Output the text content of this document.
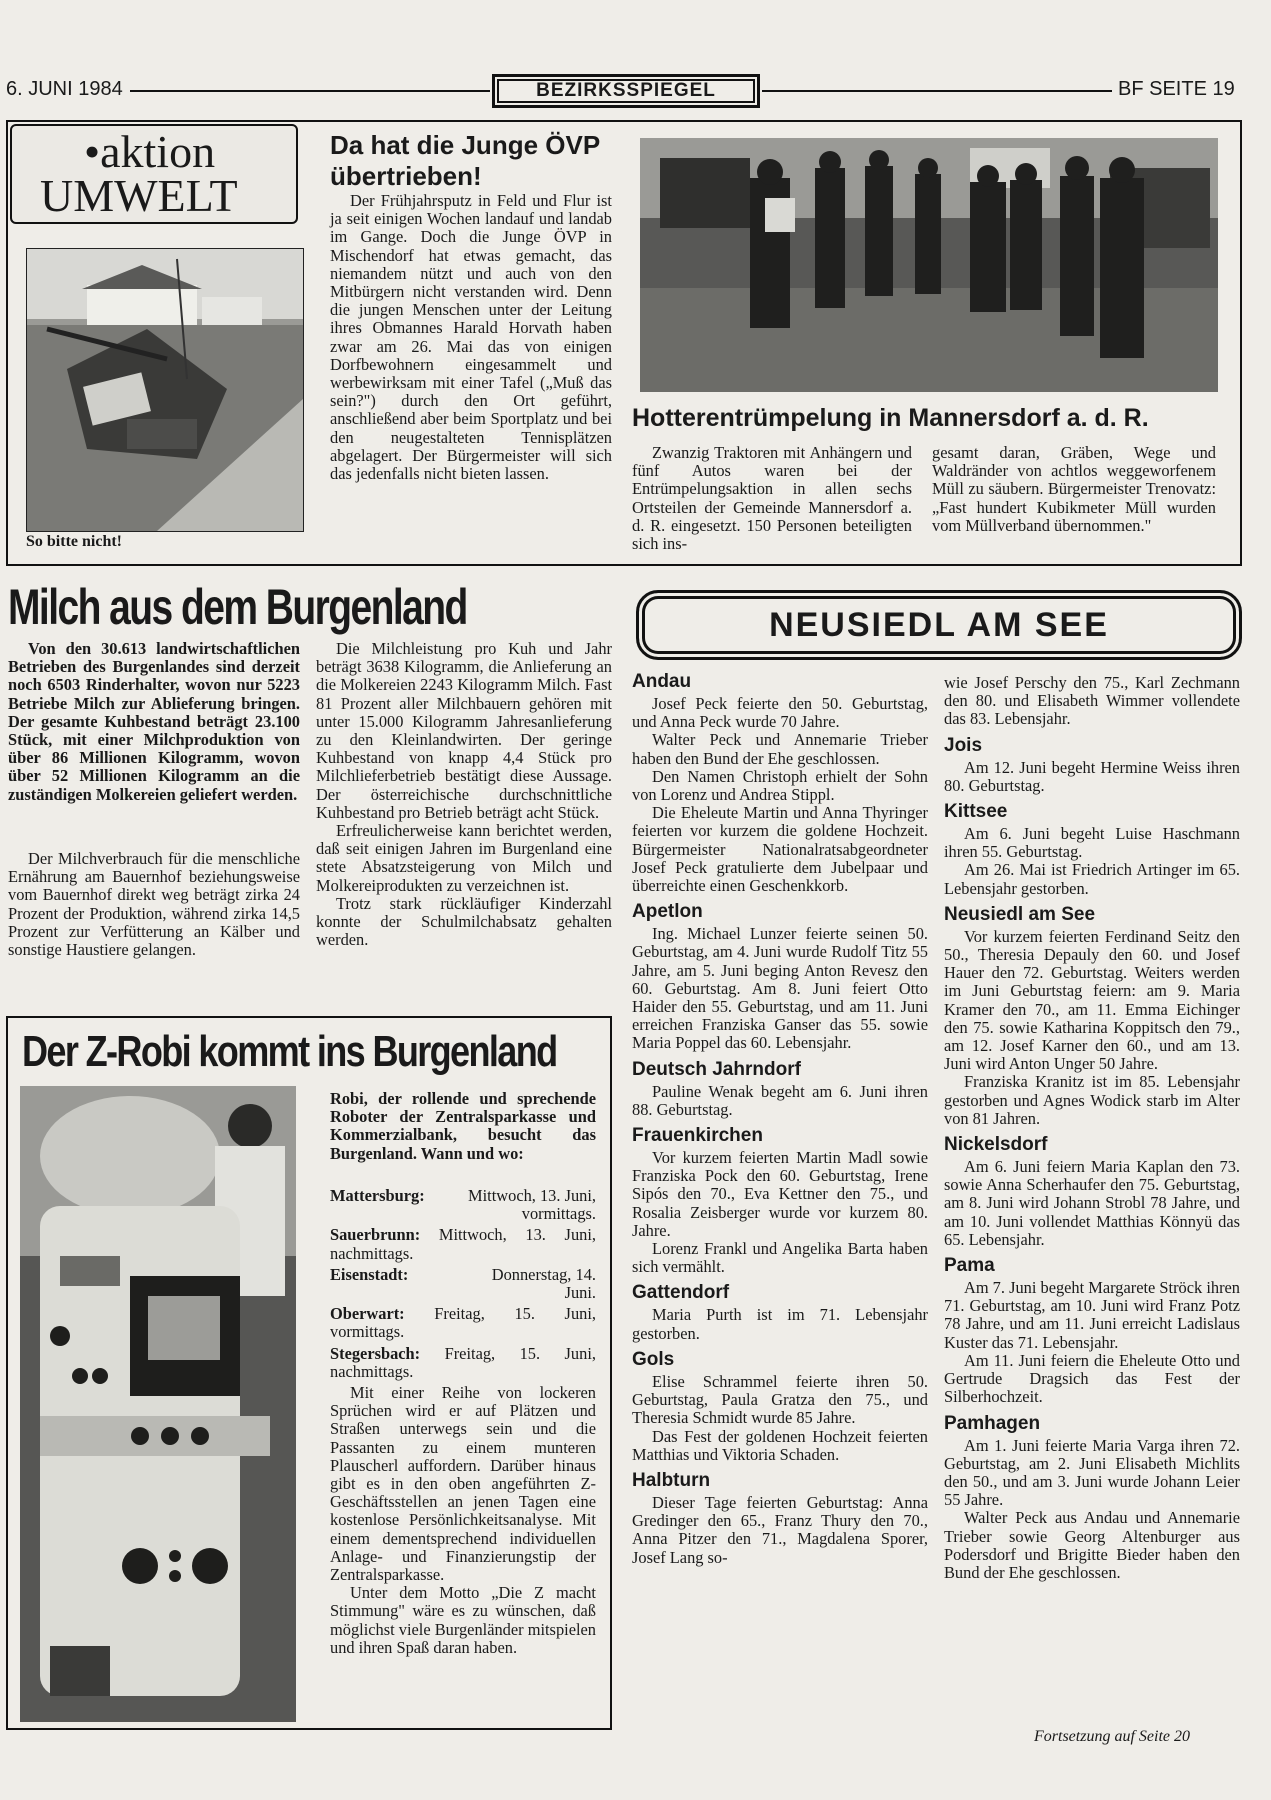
6. JUNI 1984	BEZIRKSSPIEGEL	BF SEITE 19
•aktion
UMWELT
So bitte nicht!
Da hat die Junge ÖVP übertrieben!

Der Frühjahrsputz in Feld und Flur ist ja seit einigen Wochen landauf und landab im Gange. Doch die Junge ÖVP in Mischendorf hat etwas gemacht, das niemandem nützt und auch von den Mitbürgern nicht verstanden wird. Denn die jungen Menschen unter der Leitung ihres Obmannes Harald Horvath haben zwar am 26. Mai das von einigen Dorfbewohnern eingesammelt und werbewirksam mit einer Tafel („Muß das sein?") durch den Ort geführt, anschließend aber beim Sportplatz und bei den neugestalteten Tennisplätzen abgelagert. Der Bürgermeister will sich das jedenfalls nicht bieten lassen.

Hotterentrümpelung in Mannersdorf a. d. R.

Zwanzig Traktoren mit Anhängern und fünf Autos waren bei der Entrümpelungsaktion in allen sechs Ortsteilen der Gemeinde Mannersdorf a. d. R. eingesetzt. 150 Personen beteiligten sich ins-

gesamt daran, Gräben, Wege und Waldränder von achtlos weggeworfenem Müll zu säubern. Bürgermeister Trenovatz: „Fast hundert Kubikmeter Müll wurden vom Müllverband übernommen."

Milch aus dem Burgenland

Von den 30.613 landwirtschaftlichen Betrieben des Burgenlandes sind derzeit noch 6503 Rinderhalter, wovon nur 5223 Betriebe Milch zur Ablieferung bringen. Der gesamte Kuhbestand beträgt 23.100 Stück, mit einer Milchproduktion von über 86 Millionen Kilogramm, wovon über 52 Millionen Kilogramm an die zuständigen Molkereien geliefert werden.

Der Milchverbrauch für die menschliche Ernährung am Bauernhof beziehungsweise vom Bauernhof direkt weg beträgt zirka 24 Prozent der Produktion, während zirka 14,5 Prozent zur Verfütterung an Kälber und sonstige Haustiere gelangen.

Die Milchleistung pro Kuh und Jahr beträgt 3638 Kilogramm, die Anlieferung an die Molkereien 2243 Kilogramm Milch. Fast 81 Prozent aller Milchbauern gehören mit unter 15.000 Kilogramm Jahresanlieferung zu den Kleinlandwirten. Der geringe Kuhbestand von knapp 4,4 Stück pro Milchlieferbetrieb bestätigt diese Aussage. Der österreichische durchschnittliche Kuhbestand pro Betrieb beträgt acht Stück.

Erfreulicherweise kann berichtet werden, daß seit einigen Jahren im Burgenland eine stete Absatzsteigerung von Milch und Molkereiprodukten zu verzeichnen ist.

Trotz stark rückläufiger Kinderzahl konnte der Schulmilchabsatz gehalten werden.

Der Z-Robi kommt ins Burgenland

Robi, der rollende und sprechende Roboter der Zentralsparkasse und Kommerzialbank, besucht das Burgenland. Wann und wo:

Mattersburg:	Mittwoch, 13. Juni, vormittags.
Sauerbrunn: Mittwoch, 13. Juni, nachmittags.
Eisenstadt:	Donnerstag, 14. Juni.
Oberwart: Freitag, 15. Juni, vormittags.
Stegersbach: Freitag, 15. Juni, nachmittags.

Mit einer Reihe von lockeren Sprüchen wird er auf Plätzen und Straßen unterwegs sein und die Passanten zu einem munteren Plauscherl auffordern. Darüber hinaus gibt es in den oben angeführten Z-Geschäftsstellen an jenen Tagen eine kostenlose Persönlichkeitsanalyse. Mit einem dementsprechend individuellen Anlage- und Finanzierungstip der Zentralsparkasse.

Unter dem Motto „Die Z macht Stimmung" wäre es zu wünschen, daß möglichst viele Burgenländer mitspielen und ihren Spaß daran haben.

NEUSIEDL AM SEE
Andau

Josef Peck feierte den 50. Geburtstag, und Anna Peck wurde 70 Jahre.

Walter Peck und Annemarie Trieber haben den Bund der Ehe geschlossen.

Den Namen Christoph erhielt der Sohn von Lorenz und Andrea Stippl.

Die Eheleute Martin und Anna Thyringer feierten vor kurzem die goldene Hochzeit. Bürgermeister Nationalratsabgeordneter Josef Peck gratulierte dem Jubelpaar und überreichte einen Geschenkkorb.

Apetlon

Ing. Michael Lunzer feierte seinen 50. Geburtstag, am 4. Juni wurde Rudolf Titz 55 Jahre, am 5. Juni beging Anton Revesz den 60. Geburtstag. Am 8. Juni feiert Otto Haider den 55. Geburtstag, und am 11. Juni erreichen Franziska Ganser das 55. sowie Maria Poppel das 60. Lebensjahr.

Deutsch Jahrndorf

Pauline Wenak begeht am 6. Juni ihren 88. Geburtstag.

Frauenkirchen

Vor kurzem feierten Martin Madl sowie Franziska Pock den 60. Geburtstag, Irene Sipós den 70., Eva Kettner den 75., und Rosalia Zeisberger wurde vor kurzem 80. Jahre.

Lorenz Frankl und Angelika Barta haben sich vermählt.

Gattendorf

Maria Purth ist im 71. Lebensjahr gestorben.

Gols

Elise Schrammel feierte ihren 50. Geburtstag, Paula Gratza den 75., und Theresia Schmidt wurde 85 Jahre.

Das Fest der goldenen Hochzeit feierten Matthias und Viktoria Schaden.

Halbturn

Dieser Tage feierten Geburtstag: Anna Gredinger den 65., Franz Thury den 70., Anna Pitzer den 71., Magdalena Sporer, Josef Lang so-

wie Josef Perschy den 75., Karl Zechmann den 80. und Elisabeth Wimmer vollendete das 83. Lebensjahr.

Jois

Am 12. Juni begeht Hermine Weiss ihren 80. Geburtstag.

Kittsee

Am 6. Juni begeht Luise Haschmann ihren 55. Geburtstag.

Am 26. Mai ist Friedrich Artinger im 65. Lebensjahr gestorben.

Neusiedl am See

Vor kurzem feierten Ferdinand Seitz den 50., Theresia Depauly den 60. und Josef Hauer den 72. Geburtstag. Weiters werden im Juni Geburtstag feiern: am 9. Maria Kramer den 70., am 11. Emma Eichinger den 75. sowie Katharina Koppitsch den 79., am 12. Josef Karner den 60., und am 13. Juni wird Anton Unger 50 Jahre.

Franziska Kranitz ist im 85. Lebensjahr gestorben und Agnes Wodick starb im Alter von 81 Jahren.

Nickelsdorf

Am 6. Juni feiern Maria Kaplan den 73. sowie Anna Scherhaufer den 75. Geburtstag, am 8. Juni wird Johann Strobl 78 Jahre, und am 10. Juni vollendet Matthias Könnyü das 65. Lebensjahr.

Pama

Am 7. Juni begeht Margarete Ströck ihren 71. Geburtstag, am 10. Juni wird Franz Potz 78 Jahre, und am 11. Juni erreicht Ladislaus Kuster das 71. Lebensjahr.

Am 11. Juni feiern die Eheleute Otto und Gertrude Dragsich das Fest der Silberhochzeit.

Pamhagen

Am 1. Juni feierte Maria Varga ihren 72. Geburtstag, am 2. Juni Elisabeth Michlits den 50., und am 3. Juni wurde Johann Leier 55 Jahre.

Walter Peck aus Andau und Annemarie Trieber sowie Georg Altenburger aus Podersdorf und Brigitte Bieder haben den Bund der Ehe geschlossen.

Fortsetzung auf Seite 20
